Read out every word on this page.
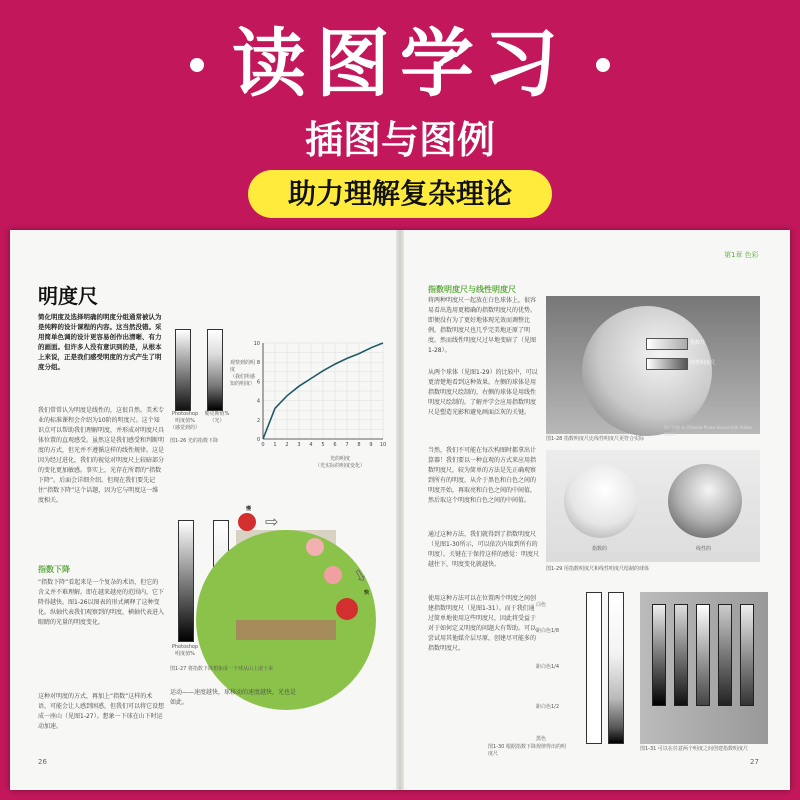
读图学习
插图与图例
助力理解复杂理论
明度尺
简化明度及选择明确的明度分组通常被认为是纯粹的设计课程的内容。这当然没错。采用简单色调的设计更容易创作出清晰、有力的画面。但许多人没有意识到的是，从根本上来说，正是我们感受明度的方式产生了明度分组。
我们常常认为明度是线性的，这很自然。美术专业的标准课程会介绍为10阶的明度尺。这个知识点可以帮助我们理解明度，并形成对明度尺具体位置的直观感受。虽然这是我们感受和判断明度的方式，但光并不遵循这样的线性规律。这是因为经过进化，我们的视觉对明度尺上较暗部分的变化更加敏感。事实上，光存在所谓的“指数下降”。后面会详细介绍。但现在我们要先记住“指数下降”这个话题，因为它与明度这一维度相关。
Photoshop
明度值%
（感觉到的）
勒克斯值%
（光）
观察到的明度
（我们所感知的明度）
0 1 2 3 4 5 6 7 8 9 10
0
2
4
6
8
10
光的明度
（光实际的明度变化）
图1-26 光的指数下降
指数下降
“指数下降”看起来是一个复杂的术语，但它的含义并不难理解。即在越来越亮的范围内，它下降得越快。图1-26以图表的形式阐释了这种变化。纵轴代表我们观察到的明度，横轴代表进入眼睛的光量的明度变化。
这种对明度的方式，再加上“指数”这样的术语，可能会让人感到困惑，但我们可以将它设想成一座山（见图1-27）。想象一下球在山下时运动加速。
Photoshop
明度值%
慢
快
⇨
⇨
图1-27 将指数下降想象成一个球从山上滚下来
运动——速度越快，球移动的速度越快，光也是如此。
26
第1章 色彩
指数明度尺与线性明度尺
将两种明度尺一起放在白色球体上，很容易看出选用更精确的指数明度尺的优势。即便没有为了更好地体现光效而调整比例，指数明度尺也几乎完美地还原了明度。然而线性明度尺过早地变暗了（见图1-28）。
从两个球体（见图1-29）的比较中，可以更清楚地看到这种效果。左侧的球体是用指数明度尺绘制的，右侧的球体是用线性明度尺绘制的。了解并学会应用指数明度尺是塑造光影和避免画面泛灰的关键。
指数尺
线性明度尺
照片拍摄 © Orlando Photo House/来源 Adobe Stock
图1-28 指数明度尺比线性明度尺更符合实际
当然，我们不可能在每次构图时都拿出计算器！我们要以一种直观的方式来应用指数明度尺。较为简单的方法是先正确观察到所有的明度，从介于黑色和白色之间的明度开始，再取亮和白色之间的中间值，然后取这个明度和白色之间的中间值。
指数的	线性的
图1-29 用指数明度尺和线性明度尺绘制的球体
通过这种方法，我们就得到了指数明度尺（见图1-30所示，可以依次内取到所有的明度）。关键在于保持这样的感觉：明度尺越往下，明度变化就越快。
使用这种方法可以在位置两个明度之间创建指数明度尺（见图1-31）。而于我们通过简单地使用这些明度尺，因此将受益于对于如何定义明度的问题大有帮助。可以尝试用其他媒介层尽原，创建尽可能多的指数明度尺。
白色
距白色1/8
距白色1/4
距白色1/2
黑色
图1-30 根据指数下降规律得出的明度尺
图1-31 可以在任意两个明度之间创建指数明度尺
27
